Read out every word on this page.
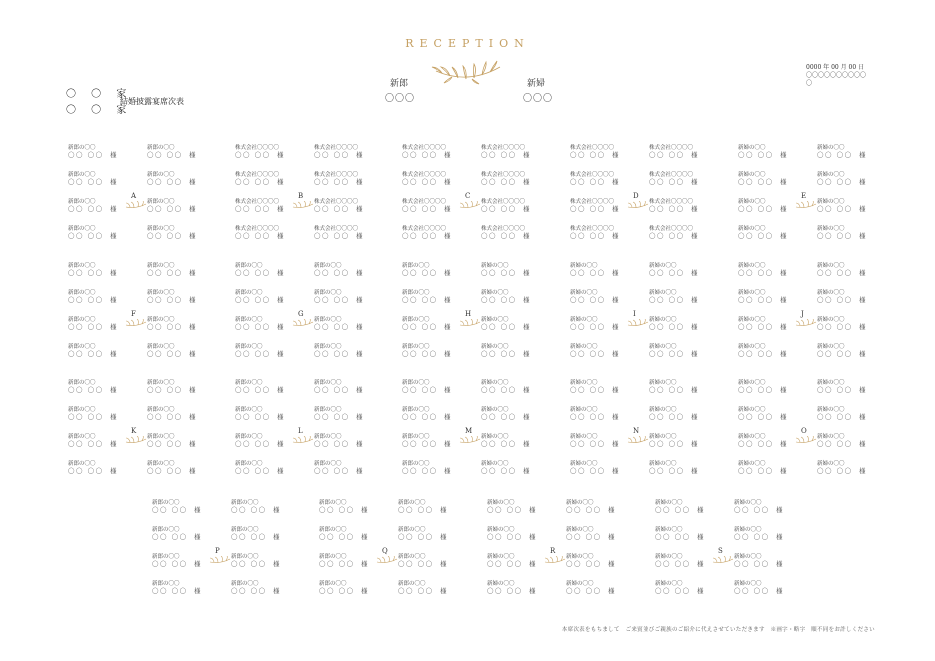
RECEPTION
新郎
〇〇〇
新婦
〇〇〇
0000 年 00 月 00 日
〇〇〇〇〇〇〇〇〇〇〇
〇 〇 家
〇 〇 家
結婚披露宴席次表
新郎の〇〇
〇〇 〇〇 様
新郎の〇〇
〇〇 〇〇 様
新郎の〇〇
〇〇 〇〇 様
新郎の〇〇
〇〇 〇〇 様
新郎の〇〇
〇〇 〇〇 様
新郎の〇〇
〇〇 〇〇 様
新郎の〇〇
〇〇 〇〇 様
新郎の〇〇
〇〇 〇〇 様
A
株式会社〇〇〇〇
〇〇 〇〇 様
株式会社〇〇〇〇
〇〇 〇〇 様
株式会社〇〇〇〇
〇〇 〇〇 様
株式会社〇〇〇〇
〇〇 〇〇 様
株式会社〇〇〇〇
〇〇 〇〇 様
株式会社〇〇〇〇
〇〇 〇〇 様
株式会社〇〇〇〇
〇〇 〇〇 様
株式会社〇〇〇〇
〇〇 〇〇 様
B
株式会社〇〇〇〇
〇〇 〇〇 様
株式会社〇〇〇〇
〇〇 〇〇 様
株式会社〇〇〇〇
〇〇 〇〇 様
株式会社〇〇〇〇
〇〇 〇〇 様
株式会社〇〇〇〇
〇〇 〇〇 様
株式会社〇〇〇〇
〇〇 〇〇 様
株式会社〇〇〇〇
〇〇 〇〇 様
株式会社〇〇〇〇
〇〇 〇〇 様
C
株式会社〇〇〇〇
〇〇 〇〇 様
株式会社〇〇〇〇
〇〇 〇〇 様
株式会社〇〇〇〇
〇〇 〇〇 様
株式会社〇〇〇〇
〇〇 〇〇 様
株式会社〇〇〇〇
〇〇 〇〇 様
株式会社〇〇〇〇
〇〇 〇〇 様
株式会社〇〇〇〇
〇〇 〇〇 様
株式会社〇〇〇〇
〇〇 〇〇 様
D
新婦の〇〇
〇〇 〇〇 様
新婦の〇〇
〇〇 〇〇 様
新婦の〇〇
〇〇 〇〇 様
新婦の〇〇
〇〇 〇〇 様
新婦の〇〇
〇〇 〇〇 様
新婦の〇〇
〇〇 〇〇 様
新婦の〇〇
〇〇 〇〇 様
新婦の〇〇
〇〇 〇〇 様
E
新郎の〇〇
〇〇 〇〇 様
新郎の〇〇
〇〇 〇〇 様
新郎の〇〇
〇〇 〇〇 様
新郎の〇〇
〇〇 〇〇 様
新郎の〇〇
〇〇 〇〇 様
新郎の〇〇
〇〇 〇〇 様
新郎の〇〇
〇〇 〇〇 様
新郎の〇〇
〇〇 〇〇 様
F
新郎の〇〇
〇〇 〇〇 様
新郎の〇〇
〇〇 〇〇 様
新郎の〇〇
〇〇 〇〇 様
新郎の〇〇
〇〇 〇〇 様
新郎の〇〇
〇〇 〇〇 様
新郎の〇〇
〇〇 〇〇 様
新郎の〇〇
〇〇 〇〇 様
新郎の〇〇
〇〇 〇〇 様
G
新郎の〇〇
〇〇 〇〇 様
新婦の〇〇
〇〇 〇〇 様
新郎の〇〇
〇〇 〇〇 様
新婦の〇〇
〇〇 〇〇 様
新郎の〇〇
〇〇 〇〇 様
新婦の〇〇
〇〇 〇〇 様
新郎の〇〇
〇〇 〇〇 様
新婦の〇〇
〇〇 〇〇 様
H
新婦の〇〇
〇〇 〇〇 様
新婦の〇〇
〇〇 〇〇 様
新婦の〇〇
〇〇 〇〇 様
新婦の〇〇
〇〇 〇〇 様
新婦の〇〇
〇〇 〇〇 様
新婦の〇〇
〇〇 〇〇 様
新婦の〇〇
〇〇 〇〇 様
新婦の〇〇
〇〇 〇〇 様
I
新婦の〇〇
〇〇 〇〇 様
新婦の〇〇
〇〇 〇〇 様
新婦の〇〇
〇〇 〇〇 様
新婦の〇〇
〇〇 〇〇 様
新婦の〇〇
〇〇 〇〇 様
新婦の〇〇
〇〇 〇〇 様
新婦の〇〇
〇〇 〇〇 様
新婦の〇〇
〇〇 〇〇 様
J
新郎の〇〇
〇〇 〇〇 様
新郎の〇〇
〇〇 〇〇 様
新郎の〇〇
〇〇 〇〇 様
新郎の〇〇
〇〇 〇〇 様
新郎の〇〇
〇〇 〇〇 様
新郎の〇〇
〇〇 〇〇 様
新郎の〇〇
〇〇 〇〇 様
新郎の〇〇
〇〇 〇〇 様
K
新郎の〇〇
〇〇 〇〇 様
新郎の〇〇
〇〇 〇〇 様
新郎の〇〇
〇〇 〇〇 様
新郎の〇〇
〇〇 〇〇 様
新郎の〇〇
〇〇 〇〇 様
新郎の〇〇
〇〇 〇〇 様
新郎の〇〇
〇〇 〇〇 様
新郎の〇〇
〇〇 〇〇 様
L
新郎の〇〇
〇〇 〇〇 様
新婦の〇〇
〇〇 〇〇 様
新郎の〇〇
〇〇 〇〇 様
新婦の〇〇
〇〇 〇〇 様
新郎の〇〇
〇〇 〇〇 様
新婦の〇〇
〇〇 〇〇 様
新郎の〇〇
〇〇 〇〇 様
新婦の〇〇
〇〇 〇〇 様
M
新婦の〇〇
〇〇 〇〇 様
新婦の〇〇
〇〇 〇〇 様
新婦の〇〇
〇〇 〇〇 様
新婦の〇〇
〇〇 〇〇 様
新婦の〇〇
〇〇 〇〇 様
新婦の〇〇
〇〇 〇〇 様
新婦の〇〇
〇〇 〇〇 様
新婦の〇〇
〇〇 〇〇 様
N
新婦の〇〇
〇〇 〇〇 様
新婦の〇〇
〇〇 〇〇 様
新婦の〇〇
〇〇 〇〇 様
新婦の〇〇
〇〇 〇〇 様
新婦の〇〇
〇〇 〇〇 様
新婦の〇〇
〇〇 〇〇 様
新婦の〇〇
〇〇 〇〇 様
新婦の〇〇
〇〇 〇〇 様
O
新郎の〇〇
〇〇 〇〇 様
新郎の〇〇
〇〇 〇〇 様
新郎の〇〇
〇〇 〇〇 様
新郎の〇〇
〇〇 〇〇 様
新郎の〇〇
〇〇 〇〇 様
新郎の〇〇
〇〇 〇〇 様
新郎の〇〇
〇〇 〇〇 様
新郎の〇〇
〇〇 〇〇 様
P
新郎の〇〇
〇〇 〇〇 様
新郎の〇〇
〇〇 〇〇 様
新郎の〇〇
〇〇 〇〇 様
新郎の〇〇
〇〇 〇〇 様
新郎の〇〇
〇〇 〇〇 様
新郎の〇〇
〇〇 〇〇 様
新郎の〇〇
〇〇 〇〇 様
新郎の〇〇
〇〇 〇〇 様
Q
新婦の〇〇
〇〇 〇〇 様
新婦の〇〇
〇〇 〇〇 様
新婦の〇〇
〇〇 〇〇 様
新婦の〇〇
〇〇 〇〇 様
新婦の〇〇
〇〇 〇〇 様
新婦の〇〇
〇〇 〇〇 様
新婦の〇〇
〇〇 〇〇 様
新婦の〇〇
〇〇 〇〇 様
R
新婦の〇〇
〇〇 〇〇 様
新婦の〇〇
〇〇 〇〇 様
新婦の〇〇
〇〇 〇〇 様
新婦の〇〇
〇〇 〇〇 様
新婦の〇〇
〇〇 〇〇 様
新婦の〇〇
〇〇 〇〇 様
新婦の〇〇
〇〇 〇〇 様
新婦の〇〇
〇〇 〇〇 様
S
本席次表をもちまして　ご来賓並びご親族のご紹介に代えさせていただきます　※画字・略字　順不同をお許しください
